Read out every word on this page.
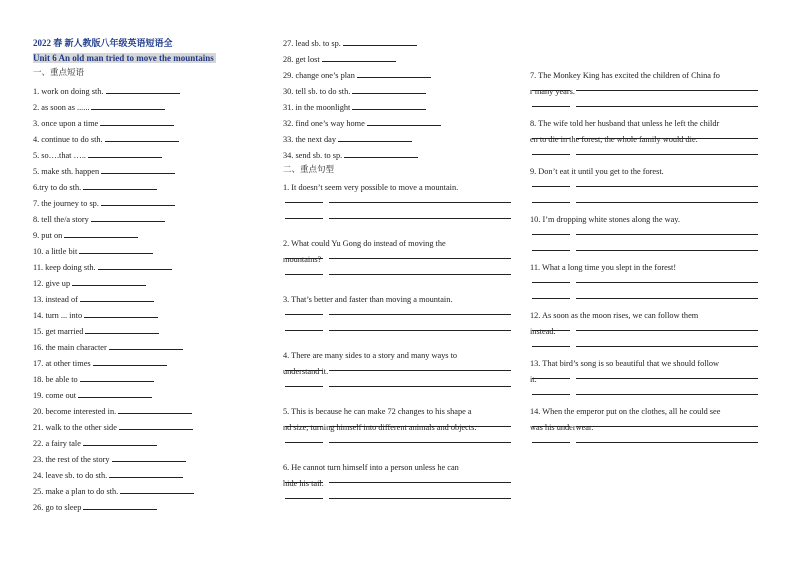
2022 春 新人教版八年级英语短语全
Unit 6 An old man tried to move the mountains
一、重点短语
1. work on doing sth.
2. as soon as ......
3. once upon a time
4. continue to do sth.
5. so….that …..
5. make sth. happen
6.try to do sth.
7. the journey to sp.
8. tell the/a story
9. put on
10. a little bit
11. keep doing sth.
12. give up
13. instead of
14. turn ... into
15. get married
16. the main character
17. at other times
18. be able to
19. come out
20. become interested in.
21. walk to the other side
22. a fairy tale
23. the rest of the story
24. leave sb. to do sth.
25. make a plan to do sth.
26. go to sleep
27. lead sb. to sp.
28. get lost
29. change one’s plan
30. tell sb. to do sth.
31. in the moonlight
32. find one’s way home
33. the next day
34. send sb. to sp.
二、重点句型
1. It doesn’t seem very possible to move a mountain.
2. What could Yu Gong do instead of moving the
mountains?
3. That’s better and faster than moving a mountain.
4. There are many sides to a story and many ways to
understand it.
5. This is because he can make 72 changes to his shape a
nd size, turning himself into different animals and objects.
6. He cannot turn himself into a person unless he can
hide his tail.
7. The Monkey King has excited the children of China fo
r many years.
8. The wife told her husband that unless he left the childr
en to die in the forest, the whole family would die.
9. Don’t eat it until you get to the forest.
10. I’m dropping white stones along the way.
11. What a long time you slept in the forest!
12. As soon as the moon rises, we can follow them
instead.
13. That bird’s song is so beautiful that we should follow
it.
14. When the emperor put on the clothes, all he could see
was his underwear.
